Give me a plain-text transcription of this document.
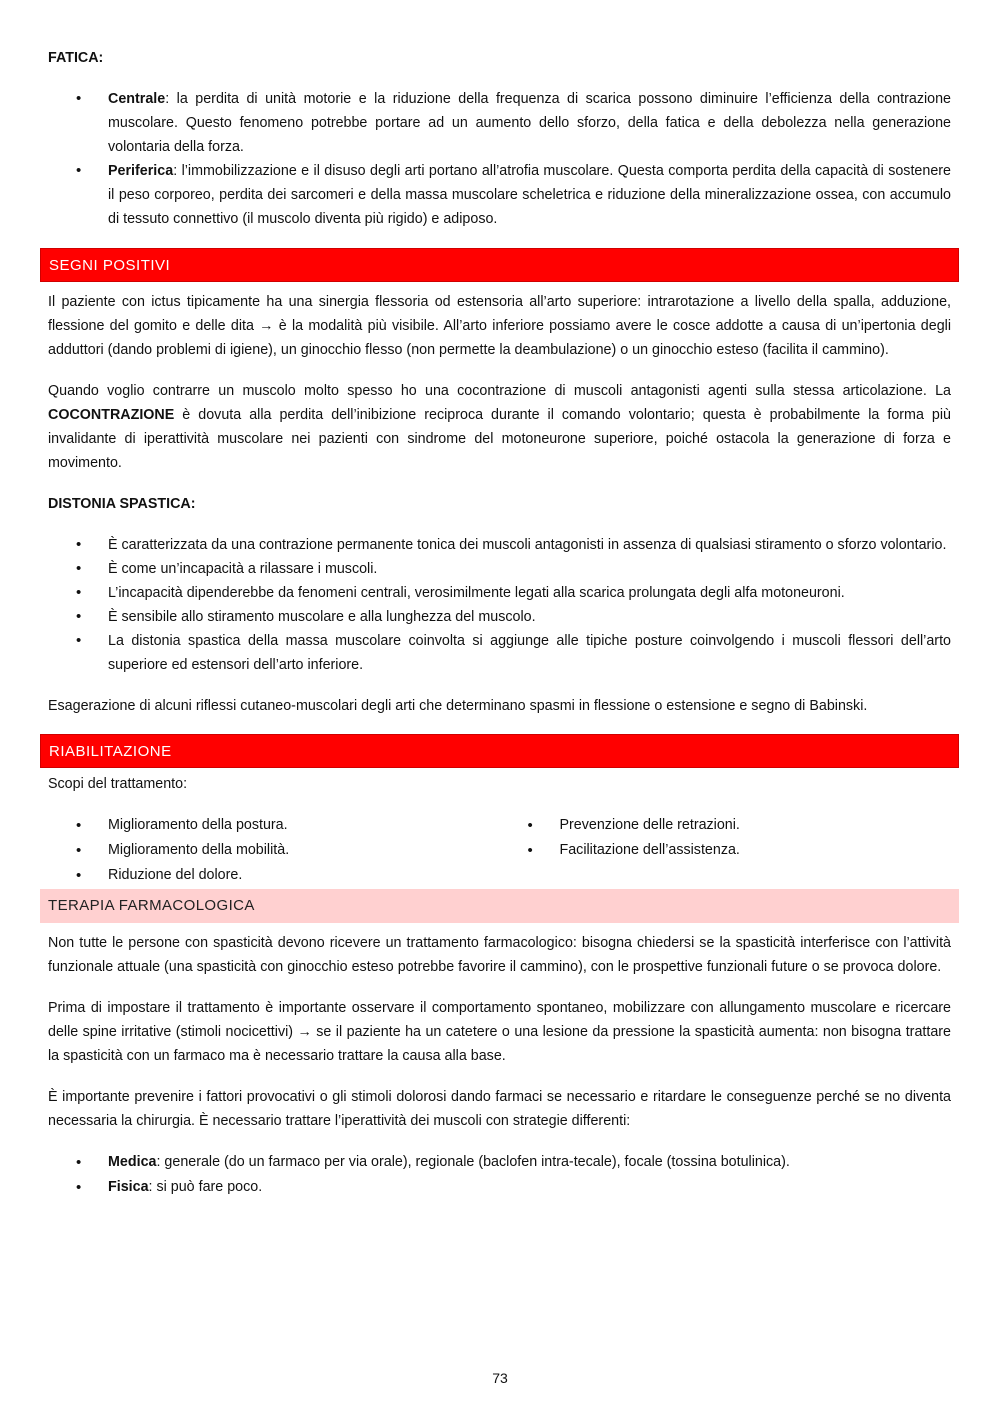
FATICA:
• Centrale: la perdita di unità motorie e la riduzione della frequenza di scarica possono diminuire l’efficienza della contrazione muscolare. Questo fenomeno potrebbe portare ad un aumento dello sforzo, della fatica e della debolezza nella generazione volontaria della forza.
• Periferica: l’immobilizzazione e il disuso degli arti portano all’atrofia muscolare. Questa comporta perdita della capacità di sostenere il peso corporeo, perdita dei sarcomeri e della massa muscolare scheletrica e riduzione della mineralizzazione ossea, con accumulo di tessuto connettivo (il muscolo diventa più rigido) e adiposo.
SEGNI POSITIVI

Il paziente con ictus tipicamente ha una sinergia flessoria od estensoria all’arto superiore: intrarotazione a livello della spalla, adduzione, flessione del gomito e delle dita → è la modalità più visibile. All’arto inferiore possiamo avere le cosce addotte a causa di un’ipertonia degli adduttori (dando problemi di igiene), un ginocchio flesso (non permette la deambulazione) o un ginocchio esteso (facilita il cammino).

Quando voglio contrarre un muscolo molto spesso ho una cocontrazione di muscoli antagonisti agenti sulla stessa articolazione. La COCONTRAZIONE è dovuta alla perdita dell’inibizione reciproca durante il comando volontario; questa è probabilmente la forma più invalidante di iperattività muscolare nei pazienti con sindrome del motoneurone superiore, poiché ostacola la generazione di forza e movimento.

DISTONIA SPASTICA:
• È caratterizzata da una contrazione permanente tonica dei muscoli antagonisti in assenza di qualsiasi stiramento o sforzo volontario.
• È come un’incapacità a rilassare i muscoli.
• L’incapacità dipenderebbe da fenomeni centrali, verosimilmente legati alla scarica prolungata degli alfa motoneuroni.
• È sensibile allo stiramento muscolare e alla lunghezza del muscolo.
• La distonia spastica della massa muscolare coinvolta si aggiunge alle tipiche posture coinvolgendo i muscoli flessori dell’arto superiore ed estensori dell’arto inferiore.

Esagerazione di alcuni riflessi cutaneo-muscolari degli arti che determinano spasmi in flessione o estensione e segno di Babinski.

RIABILITAZIONE

Scopi del trattamento:

• Miglioramento della postura.
• Miglioramento della mobilità.
• Riduzione del dolore.
• Prevenzione delle retrazioni.
• Facilitazione dell’assistenza.
TERAPIA FARMACOLOGICA

Non tutte le persone con spasticità devono ricevere un trattamento farmacologico: bisogna chiedersi se la spasticità interferisce con l’attività funzionale attuale (una spasticità con ginocchio esteso potrebbe favorire il cammino), con le prospettive funzionali future o se provoca dolore.

Prima di impostare il trattamento è importante osservare il comportamento spontaneo, mobilizzare con allungamento muscolare e ricercare delle spine irritative (stimoli nocicettivi) → se il paziente ha un catetere o una lesione da pressione la spasticità aumenta: non bisogna trattare la spasticità con un farmaco ma è necessario trattare la causa alla base.

È importante prevenire i fattori provocativi o gli stimoli dolorosi dando farmaci se necessario e ritardare le conseguenze perché se no diventa necessaria la chirurgia. È necessario trattare l’iperattività dei muscoli con strategie differenti:

• Medica: generale (do un farmaco per via orale), regionale (baclofen intra-tecale), focale (tossina botulinica).
• Fisica: si può fare poco.
73
